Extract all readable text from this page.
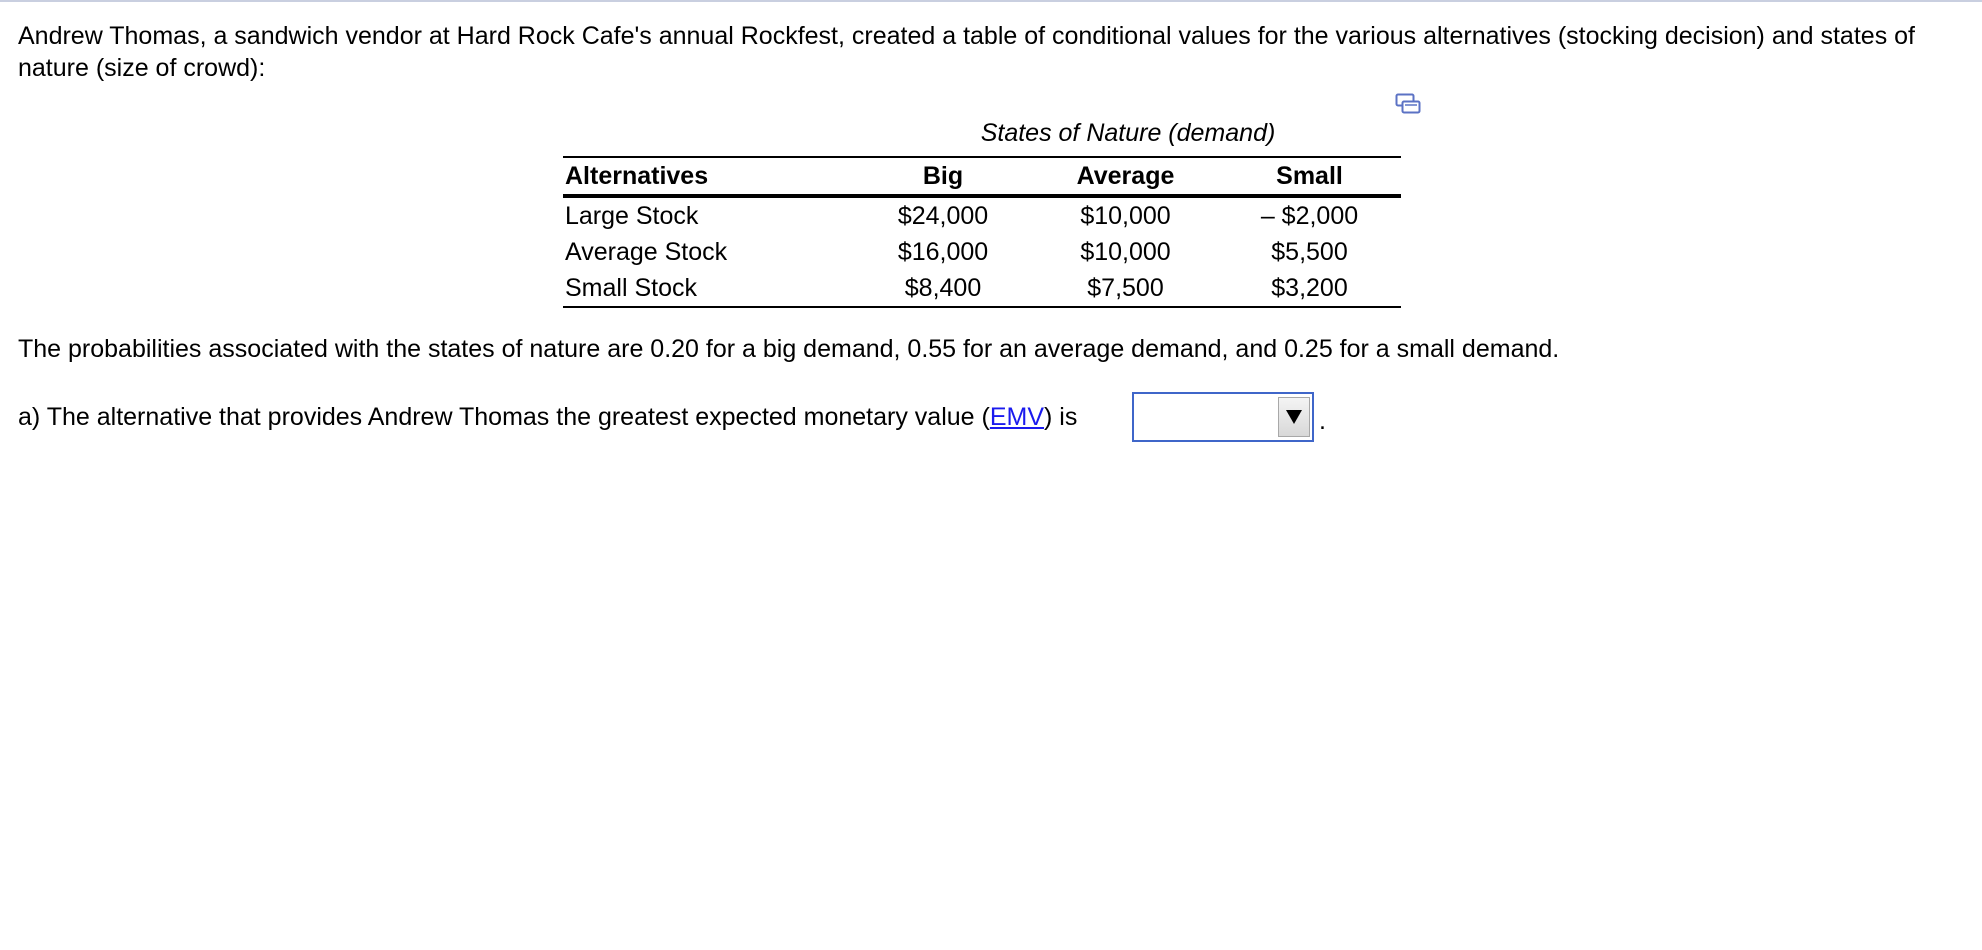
Andrew Thomas, a sandwich vendor at Hard Rock Cafe's annual Rockfest, created a table of conditional values for the various alternatives (stocking decision) and states of nature (size of crowd):

States of Nature (demand)
Alternatives	Big	Average	Small
Large Stock	$24,000	$10,000	– $2,000
Average Stock	$16,000	$10,000	$5,500
Small Stock	$8,400	$7,500	$3,200

The probabilities associated with the states of nature are 0.20 for a big demand, 0.55 for an average demand, and 0.25 for a small demand.

a) The alternative that provides Andrew Thomas the greatest expected monetary value (EMV) is	.
